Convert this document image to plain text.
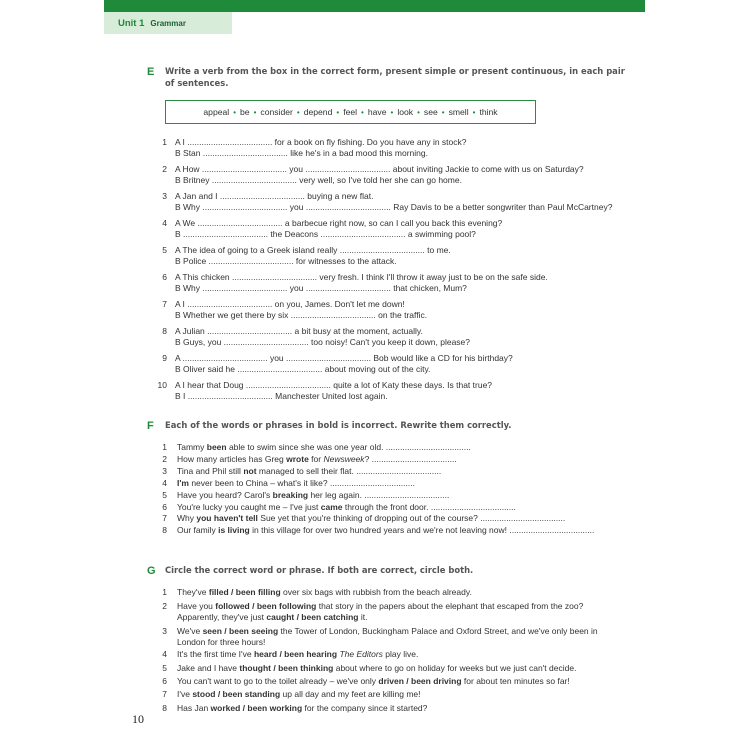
Unit 1 Grammar
E Write a verb from the box in the correct form, present simple or present continuous, in each pair of sentences.
appeal • be • consider • depend • feel • have • look • see • smell • think
1 A I .................................... for a book on fly fishing. Do you have any in stock?
B Stan .................................... like he's in a bad mood this morning.
2 A How .................................... you .................................... about inviting Jackie to come with us on Saturday?
B Britney .................................... very well, so I've told her she can go home.
3 A Jan and I .................................... buying a new flat.
B Why .................................... you .................................... Ray Davis to be a better songwriter than Paul McCartney?
4 A We .................................... a barbecue right now, so can I call you back this evening?
B .................................... the Deacons .................................... a swimming pool?
5 A The idea of going to a Greek island really .................................... to me.
B Police .................................... for witnesses to the attack.
6 A This chicken .................................... very fresh. I think I'll throw it away just to be on the safe side.
B Why .................................... you .................................... that chicken, Mum?
7 A I .................................... on you, James. Don't let me down!
B Whether we get there by six .................................... on the traffic.
8 A Julian .................................... a bit busy at the moment, actually.
B Guys, you .................................... too noisy! Can't you keep it down, please?
9 A .................................... you .................................... Bob would like a CD for his birthday?
B Oliver said he .................................... about moving out of the city.
10 A I hear that Doug .................................... quite a lot of Katy these days. Is that true?
B I .................................... Manchester United lost again.
F Each of the words or phrases in bold is incorrect. Rewrite them correctly.
1 Tammy been able to swim since she was one year old. ....................................
2 How many articles has Greg wrote for Newsweek? ....................................
3 Tina and Phil still not managed to sell their flat. ....................................
4 I'm never been to China – what's it like? ....................................
5 Have you heard? Carol's breaking her leg again. ....................................
6 You're lucky you caught me – I've just came through the front door. ....................................
7 Why you haven't tell Sue yet that you're thinking of dropping out of the course? ....................................
8 Our family is living in this village for over two hundred years and we're not leaving now! ....................................
G Circle the correct word or phrase. If both are correct, circle both.
1 They've filled / been filling over six bags with rubbish from the beach already.
2 Have you followed / been following that story in the papers about the elephant that escaped from the zoo?
Apparently, they've just caught / been catching it.
3 We've seen / been seeing the Tower of London, Buckingham Palace and Oxford Street, and we've only been in
London for three hours!
4 It's the first time I've heard / been hearing The Editors play live.
5 Jake and I have thought / been thinking about where to go on holiday for weeks but we just can't decide.
6 You can't want to go to the toilet already – we've only driven / been driving for about ten minutes so far!
7 I've stood / been standing up all day and my feet are killing me!
8 Has Jan worked / been working for the company since it started?
10
